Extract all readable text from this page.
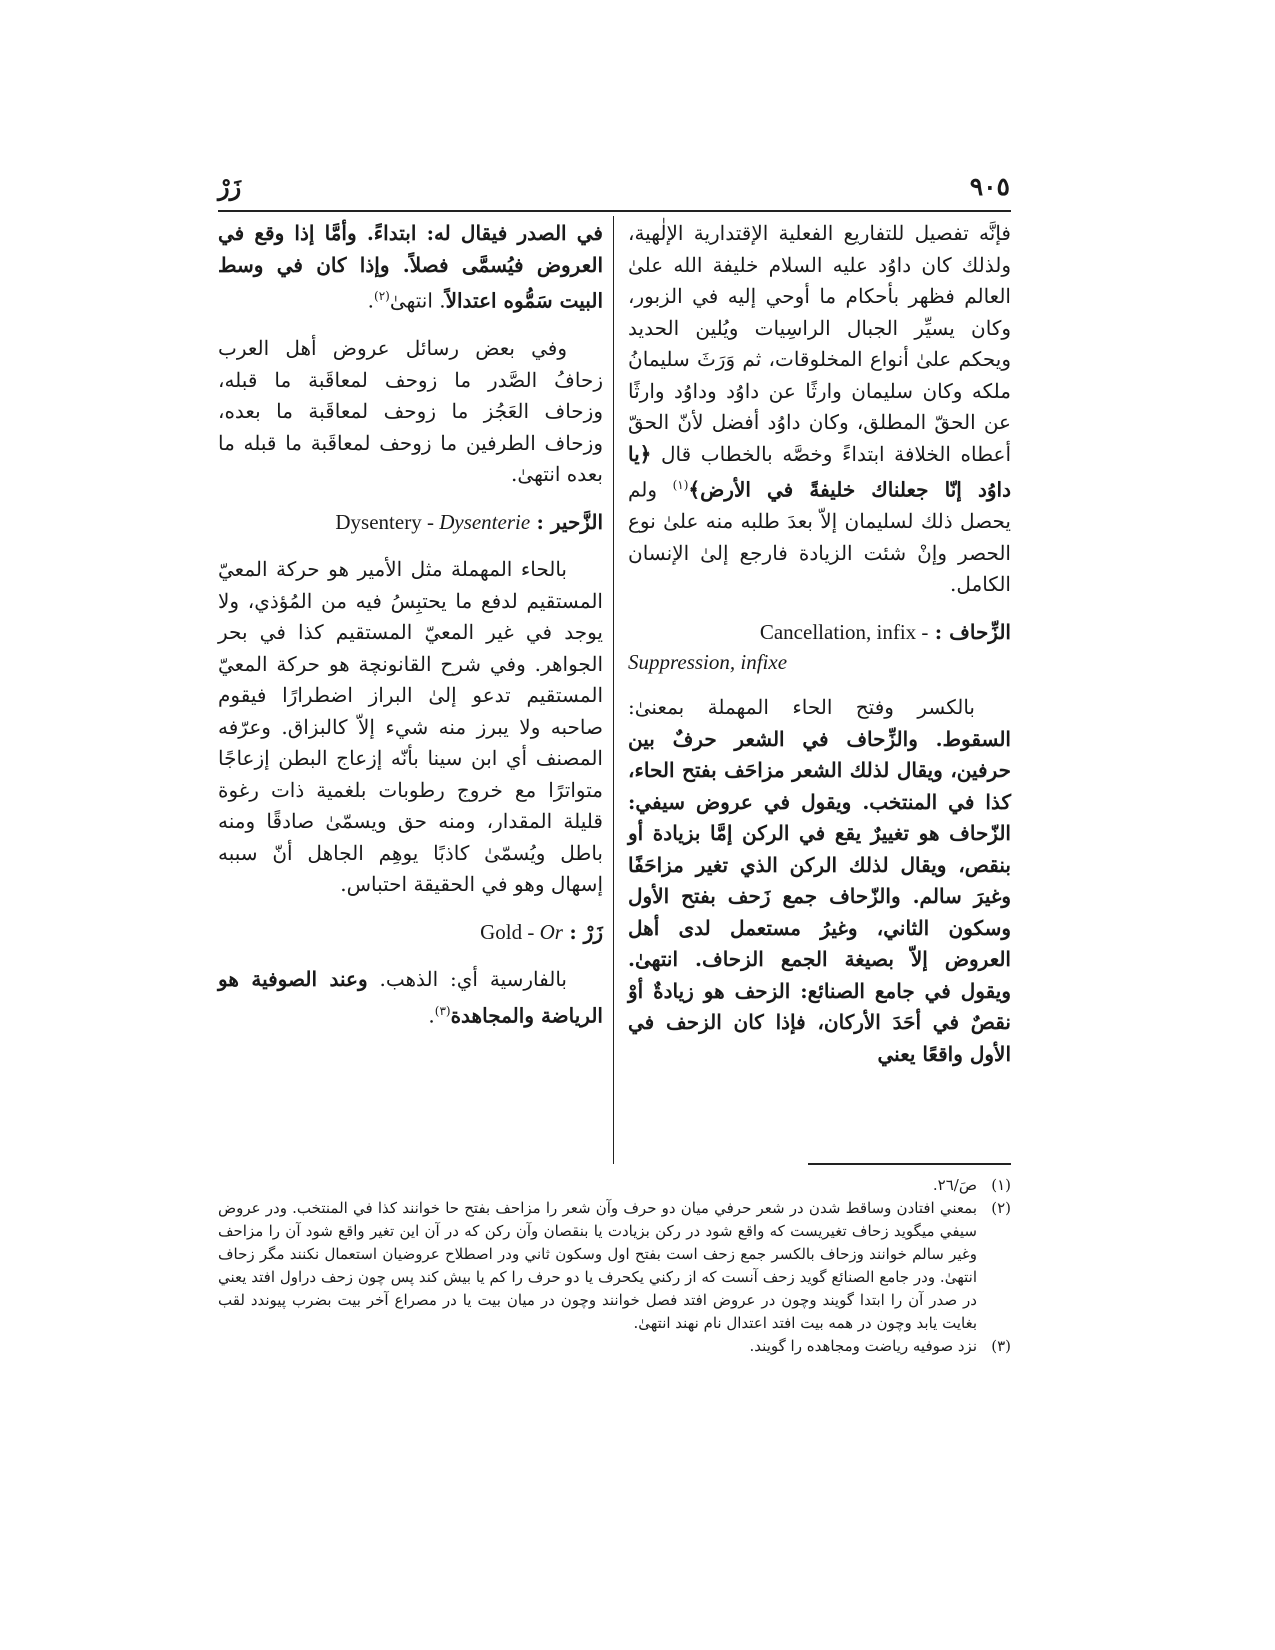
٩٠٥
زَرْ

فإنَّه تفصيل للتفاريع الفعلية الإقتدارية الإلٰهية، ولذلك كان داوُد عليه السلام خليفة الله علىٰ العالم فظهر بأحكام ما أوحي إليه في الزبور، وكان يسيِّر الجبال الراسِيات ويُلين الحديد ويحكم علىٰ أنواع المخلوقات، ثم وَرَثَ سليمانُ ملكه وكان سليمان وارثًا عن داوُد وداوُد وارثًا عن الحقّ المطلق، وكان داوُد أفضل لأنّ الحقّ أعطاه الخلافة ابتداءً وخصَّه بالخطاب قال ﴿يا داوُد إنّا جعلناك خليفةً في الأرض﴾$^{(١)}$ ولم يحصل ذلك لسليمان إلاّ بعدَ طلبه منه علىٰ نوع الحصر وإنْ شئت الزيادة فارجع إلىٰ الإنسان الكامل.

الزِّحاف : Cancellation, infix -
Suppression, infixe

بالكسر وفتح الحاء المهملة بمعنىٰ: السقوط. والزِّحاف في الشعر حرفٌ بين حرفين، ويقال لذلك الشعر مزاحَف بفتح الحاء، كذا في المنتخب. ويقول في عروض سيفي: الزّحاف هو تغييرٌ يقع في الركن إمَّا بزيادة أو بنقص، ويقال لذلك الركن الذي تغير مزاحَفًا وغيرَ سالم. والزّحاف جمع زَحف بفتح الأول وسكون الثاني، وغيرُ مستعمل لدى أهل العروض إلاّ بصيغة الجمع الزحاف. انتهىٰ. ويقول في جامع الصنائع: الزحف هو زيادةٌ أوْ نقصٌ في أحَدَ الأركان، فإذا كان الزحف في الأول واقعًا يعني

في الصدر فيقال له: ابتداءً. وأمَّا إذا وقع في العروض فيُسمَّى فصلاً. وإذا كان في وسط البيت سَمُّوه اعتدالاً. انتهىٰ$^{(٢)}$.

وفي بعض رسائل عروض أهل العرب زحافُ الصَّدر ما زوحف لمعاقَبة ما قبله، وزحاف العَجُز ما زوحف لمعاقَبة ما بعده، وزحاف الطرفين ما زوحف لمعاقَبة ما قبله ما بعده انتهىٰ.

الزَّحير : Dysentery - Dysenterie

بالحاء المهملة مثل الأمير هو حركة المعيّ المستقيم لدفع ما يحتبِسُ فيه من المُؤذي، ولا يوجد في غير المعيّ المستقيم كذا في بحر الجواهر. وفي شرح القانونچة هو حركة المعيّ المستقيم تدعو إلىٰ البراز اضطرارًا فيقوم صاحبه ولا يبرز منه شيء إلاّ كالبزاق. وعرّفه المصنف أي ابن سينا بأنّه إزعاج البطن إزعاجًا متواترًا مع خروج رطوبات بلغمية ذات رغوة قليلة المقدار، ومنه حق ويسمّىٰ صادقًا ومنه باطل ويُسمّىٰ كاذبًا يوهِم الجاهل أنّ سببه إسهال وهو في الحقيقة احتباس.

زَرْ : Gold - Or

بالفارسية أي: الذهب. وعند الصوفية هو الرياضة والمجاهدة$^{(٣)}$.

(١)
صَ/٢٦.

(٢)
بمعني افتادن وساقط شدن در شعر حرفي ميان دو حرف وآن شعر را مزاحف بفتح حا خوانند كذا في المنتخب. ودر عروض سيفي ميگويد زحاف تغيريست كه واقع شود در ركن بزيادت يا بنقصان وآن ركن كه در آن اين تغير واقع شود آن را مزاحف وغير سالم خوانند وزحاف بالكسر جمع زحف است بفتح اول وسكون ثاني ودر اصطلاح عروضيان استعمال نكنند مگر زحاف انتهىٰ. ودر جامع الصنائع گويد زحف آنست كه از ركني يكحرف يا دو حرف را كم يا بيش كند پس چون زحف دراول افتد يعني در صدر آن را ابتدا گويند وچون در عروض افتد فصل خوانند وچون در ميان بيت يا در مصراع آخر بيت بضرب پيوندد لقب بغايت يابد وچون در همه بيت افتد اعتدال نام نهند انتهىٰ.

(٣)
نزد صوفيه رياضت ومجاهده را گويند.
